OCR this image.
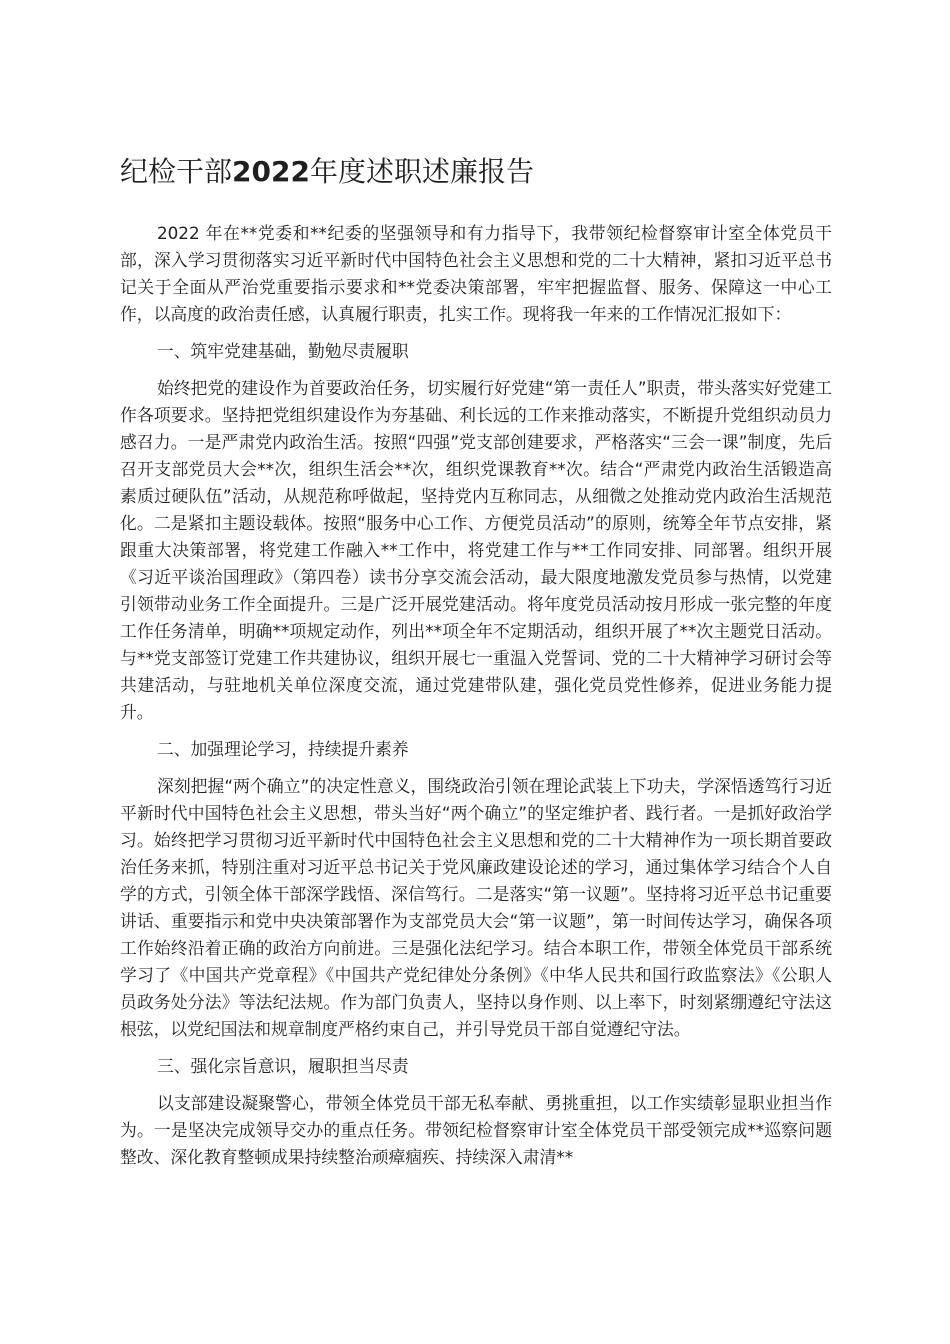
纪检干部2022年度述职述廉报告

2022 年在**党委和**纪委的坚强领导和有力指导下，我带领纪检督察审计室全体党员干部，深入学习贯彻落实习近平新时代中国特色社会主义思想和党的二十大精神，紧扣习近平总书记关于全面从严治党重要指示要求和**党委决策部署，牢牢把握监督、服务、保障这一中心工作，以高度的政治责任感，认真履行职责，扎实工作。现将我一年来的工作情况汇报如下：

一、筑牢党建基础，勤勉尽责履职

始终把党的建设作为首要政治任务，切实履行好党建“第一责任人”职责，带头落实好党建工作各项要求。坚持把党组织建设作为夯基础、利长远的工作来推动落实，不断提升党组织动员力感召力。一是严肃党内政治生活。按照“四强”党支部创建要求，严格落实“三会一课”制度，先后召开支部党员大会**次，组织生活会**次，组织党课教育**次。结合“严肃党内政治生活锻造高素质过硬队伍”活动，从规范称呼做起，坚持党内互称同志，从细微之处推动党内政治生活规范化。二是紧扣主题设载体。按照“服务中心工作、方便党员活动”的原则，统筹全年节点安排，紧跟重大决策部署，将党建工作融入**工作中，将党建工作与**工作同安排、同部署。组织开展《习近平谈治国理政》（第四卷）读书分享交流会活动，最大限度地激发党员参与热情，以党建引领带动业务工作全面提升。三是广泛开展党建活动。将年度党员活动按月形成一张完整的年度工作任务清单，明确**项规定动作，列出**项全年不定期活动，组织开展了**次主题党日活动。与**党支部签订党建工作共建协议，组织开展七一重温入党誓词、党的二十大精神学习研讨会等共建活动，与驻地机关单位深度交流，通过党建带队建，强化党员党性修养，促进业务能力提升。

二、加强理论学习，持续提升素养

深刻把握“两个确立”的决定性意义，围绕政治引领在理论武装上下功夫，学深悟透笃行习近平新时代中国特色社会主义思想，带头当好“两个确立”的坚定维护者、践行者。一是抓好政治学习。始终把学习贯彻习近平新时代中国特色社会主义思想和党的二十大精神作为一项长期首要政治任务来抓，特别注重对习近平总书记关于党风廉政建设论述的学习，通过集体学习结合个人自学的方式，引领全体干部深学践悟、深信笃行。二是落实“第一议题”。坚持将习近平总书记重要讲话、重要指示和党中央决策部署作为支部党员大会“第一议题”，第一时间传达学习，确保各项工作始终沿着正确的政治方向前进。三是强化法纪学习。结合本职工作，带领全体党员干部系统学习了《中国共产党章程》《中国共产党纪律处分条例》《中华人民共和国行政监察法》《公职人员政务处分法》等法纪法规。作为部门负责人，坚持以身作则、以上率下，时刻紧绷遵纪守法这根弦，以党纪国法和规章制度严格约束自己，并引导党员干部自觉遵纪守法。

三、强化宗旨意识，履职担当尽责

以支部建设凝聚警心，带领全体党员干部无私奉献、勇挑重担，以工作实绩彰显职业担当作为。一是坚决完成领导交办的重点任务。带领纪检督察审计室全体党员干部受领完成**巡察问题整改、深化教育整顿成果持续整治顽瘴痼疾、持续深入肃清**
